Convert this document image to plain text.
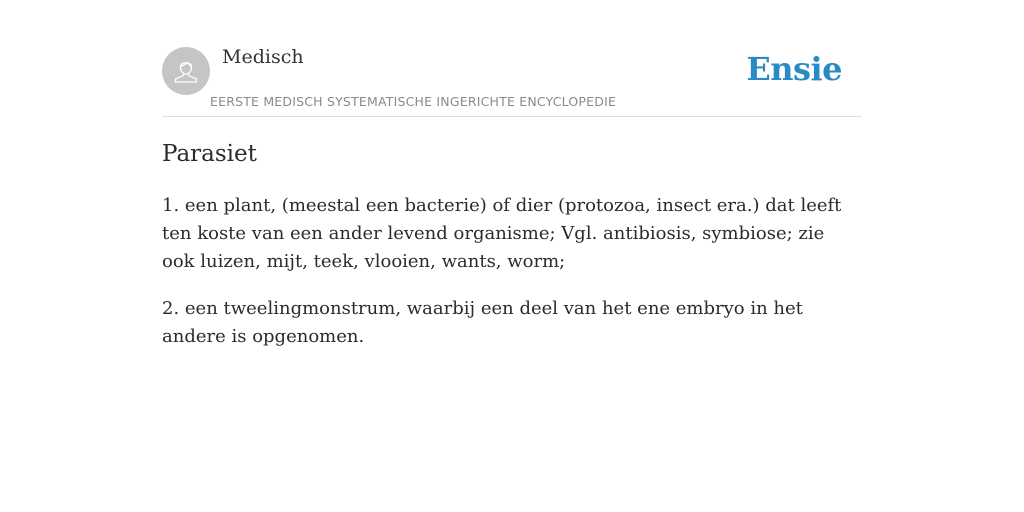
Medisch
EERSTE MEDISCH SYSTEMATISCHE INGERICHTE ENCYCLOPEDIE
Ensie
Parasiet

1. een plant, (meestal een bacterie) of dier (protozoa, insect era.) dat leeft ten koste van een ander levend organisme; Vgl. antibiosis, symbiose; zie ook luizen, mijt, teek, vlooien, wants, worm;

2. een tweelingmonstrum, waarbij een deel van het ene embryo in het andere is opgenomen.
